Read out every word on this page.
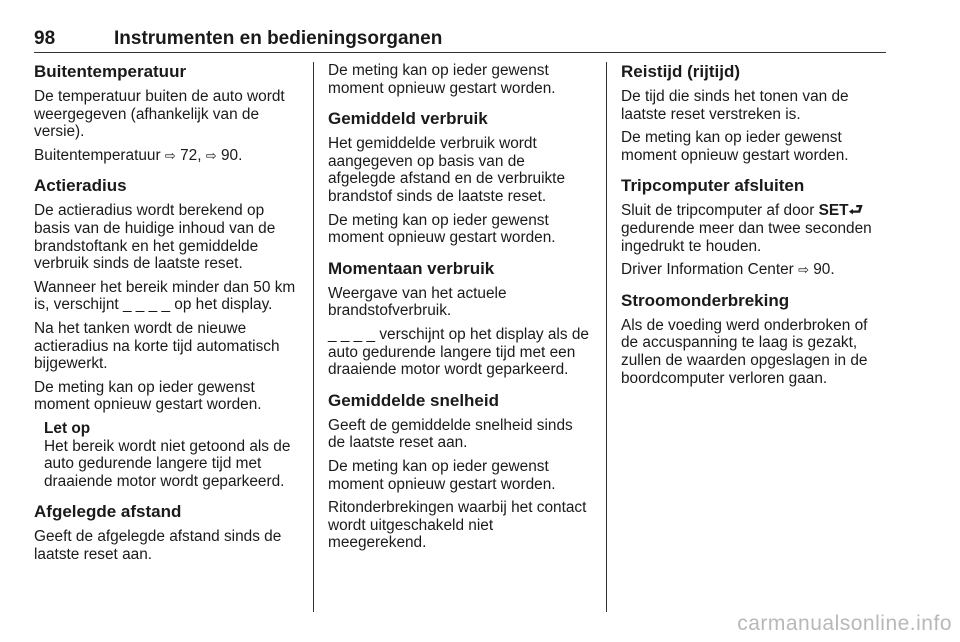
98	Instrumenten en bedieningsorganen
Buitentemperatuur

De temperatuur buiten de auto wordt weergegeven (afhankelijk van de versie).

Buitentemperatuur ⇨ 72, ⇨ 90.

Actieradius

De actieradius wordt berekend op basis van de huidige inhoud van de brandstoftank en het gemiddelde verbruik sinds de laatste reset.

Wanneer het bereik minder dan 50 km is, verschijnt _ _ _ _ op het display.

Na het tanken wordt de nieuwe actieradius na korte tijd automatisch bijgewerkt.

De meting kan op ieder gewenst moment opnieuw gestart worden.

Let op

Het bereik wordt niet getoond als de auto gedurende langere tijd met draaiende motor wordt geparkeerd.

Afgelegde afstand

Geeft de afgelegde afstand sinds de laatste reset aan.

De meting kan op ieder gewenst moment opnieuw gestart worden.

Gemiddeld verbruik

Het gemiddelde verbruik wordt aangegeven op basis van de afgelegde afstand en de verbruikte brandstof sinds de laatste reset.

De meting kan op ieder gewenst moment opnieuw gestart worden.

Momentaan verbruik

Weergave van het actuele brandstofverbruik.

_ _ _ _ verschijnt op het display als de auto gedurende langere tijd met een draaiende motor wordt geparkeerd.

Gemiddelde snelheid

Geeft de gemiddelde snelheid sinds de laatste reset aan.

De meting kan op ieder gewenst moment opnieuw gestart worden.

Ritonderbrekingen waarbij het contact wordt uitgeschakeld niet meegerekend.

Reistijd (rijtijd)

De tijd die sinds het tonen van de laatste reset verstreken is.

De meting kan op ieder gewenst moment opnieuw gestart worden.

Tripcomputer afsluiten

Sluit de tripcomputer af door SET⮐ gedurende meer dan twee seconden ingedrukt te houden.

Driver Information Center ⇨ 90.

Stroomonderbreking

Als de voeding werd onderbroken of de accuspanning te laag is gezakt, zullen de waarden opgeslagen in de boordcomputer verloren gaan.

carmanualsonline.info
